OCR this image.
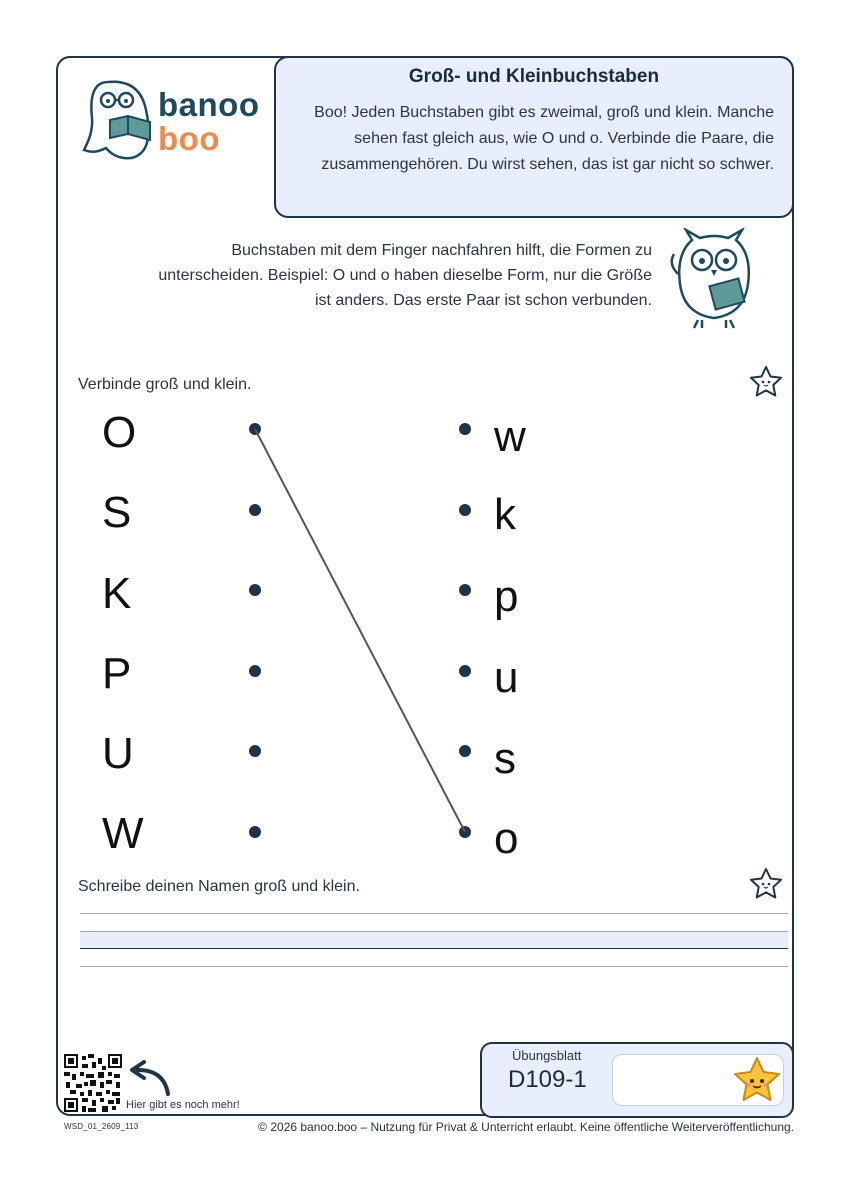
banoo
boo
Groß- und Kleinbuchstaben
Boo! Jeden Buchstaben gibt es zweimal, groß und klein. Manche sehen fast gleich aus, wie O und o. Verbinde die Paare, die zusammengehören. Du wirst sehen, das ist gar nicht so schwer.
Buchstaben mit dem Finger nachfahren hilft, die Formen zu unterscheiden. Beispiel: O und o haben dieselbe Form, nur die Größe ist anders. Das erste Paar ist schon verbunden.
Verbinde groß und klein.
O
S
K
P
U
W
w
k
p
u
s
o
Schreibe deinen Namen groß und klein.
Hier gibt es noch mehr!
Übungsblatt
D109-1
WSD_01_2609_113	© 2026 banoo.boo – Nutzung für Privat & Unterricht erlaubt. Keine öffentliche Weiterveröffentlichung.
